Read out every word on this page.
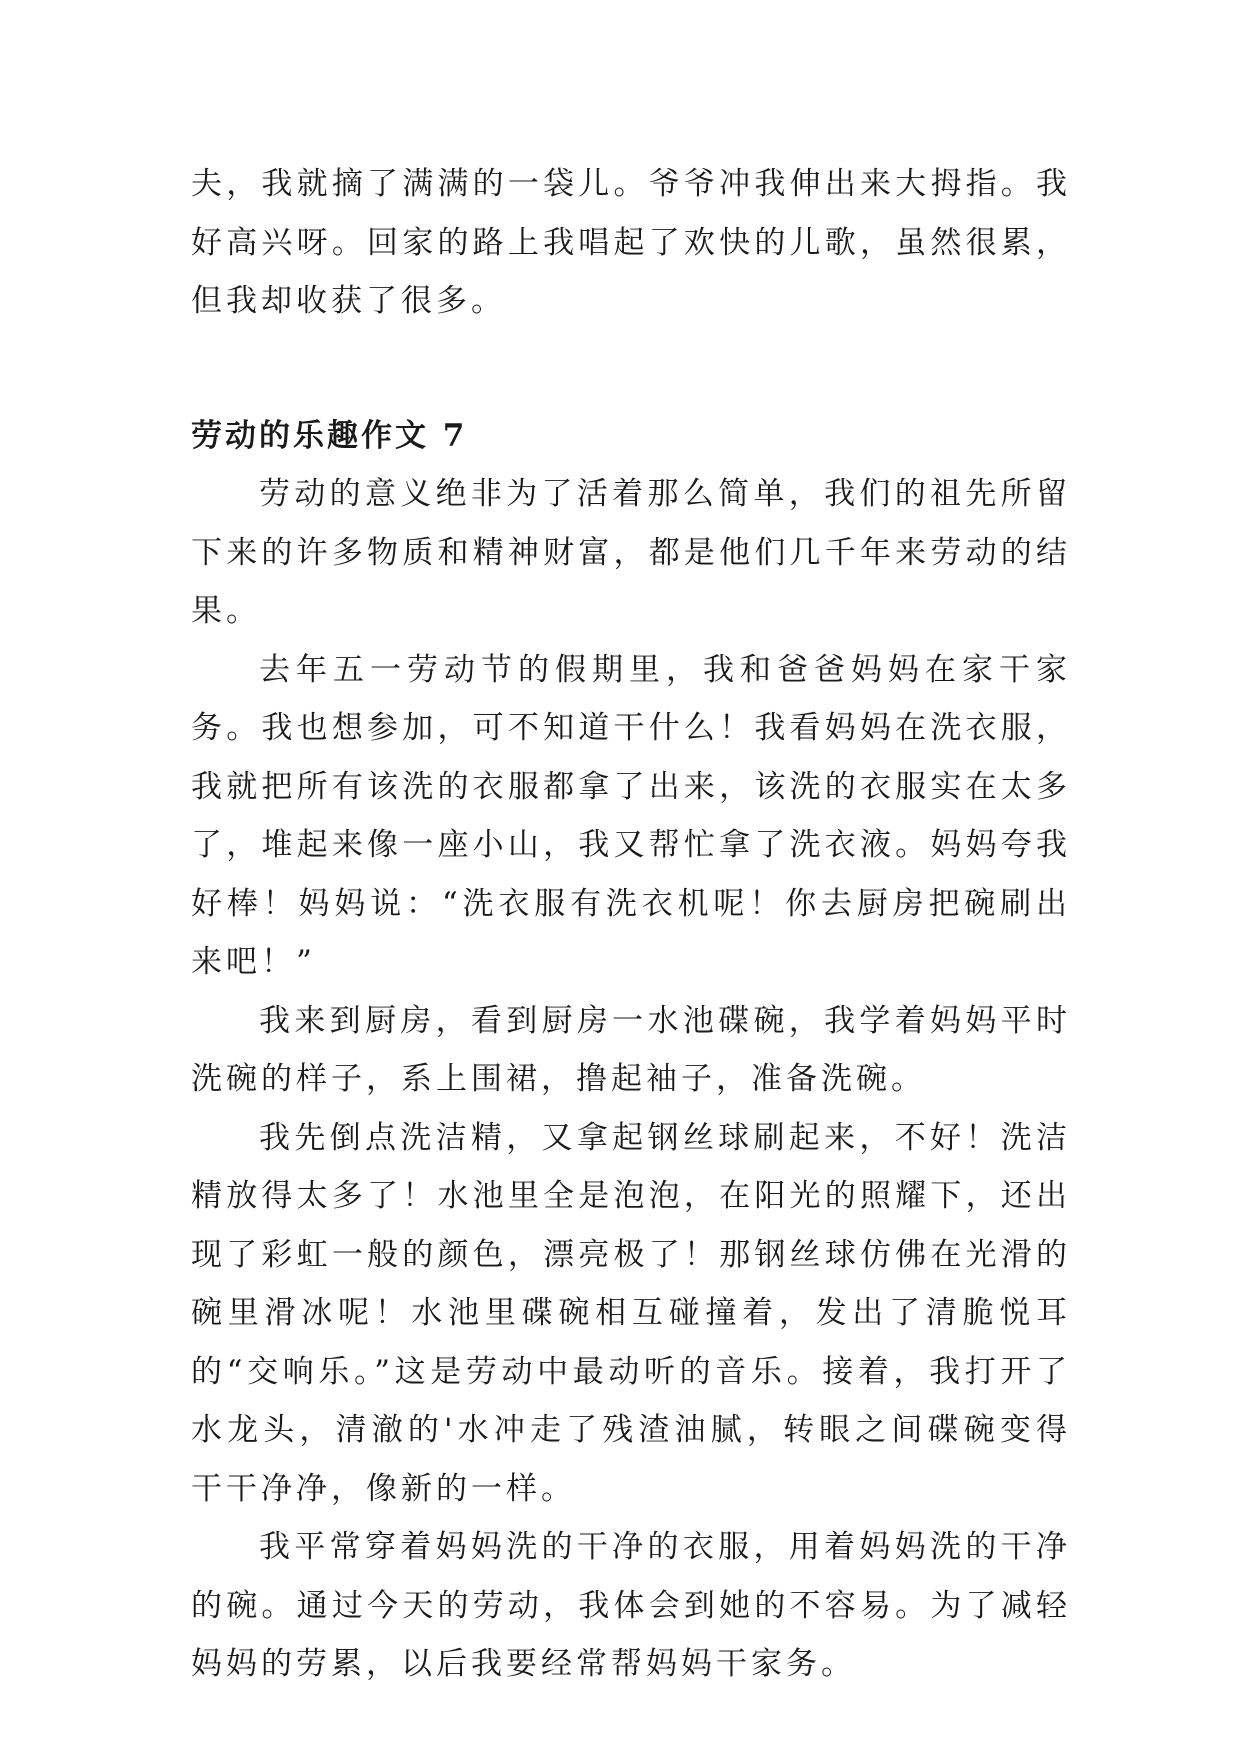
夫，我就摘了满满的一袋儿。爷爷冲我伸出来大拇指。我好高兴呀。回家的路上我唱起了欢快的儿歌，虽然很累，但我却收获了很多。

劳动的乐趣作文 7

劳动的意义绝非为了活着那么简单，我们的祖先所留下来的许多物质和精神财富，都是他们几千年来劳动的结果。

去年五一劳动节的假期里，我和爸爸妈妈在家干家务。我也想参加，可不知道干什么！我看妈妈在洗衣服，我就把所有该洗的衣服都拿了出来，该洗的衣服实在太多了，堆起来像一座小山，我又帮忙拿了洗衣液。妈妈夸我好棒！妈妈说：“洗衣服有洗衣机呢！你去厨房把碗刷出来吧！”

我来到厨房，看到厨房一水池碟碗，我学着妈妈平时洗碗的样子，系上围裙，撸起袖子，准备洗碗。

我先倒点洗洁精，又拿起钢丝球刷起来，不好！洗洁精放得太多了！水池里全是泡泡，在阳光的照耀下，还出现了彩虹一般的颜色，漂亮极了！那钢丝球仿佛在光滑的碗里滑冰呢！水池里碟碗相互碰撞着，发出了清脆悦耳的“交响乐。”这是劳动中最动听的音乐。接着，我打开了水龙头，清澈的'水冲走了残渣油腻，转眼之间碟碗变得干干净净，像新的一样。

我平常穿着妈妈洗的干净的衣服，用着妈妈洗的干净的碗。通过今天的劳动，我体会到她的不容易。为了减轻妈妈的劳累，以后我要经常帮妈妈干家务。
